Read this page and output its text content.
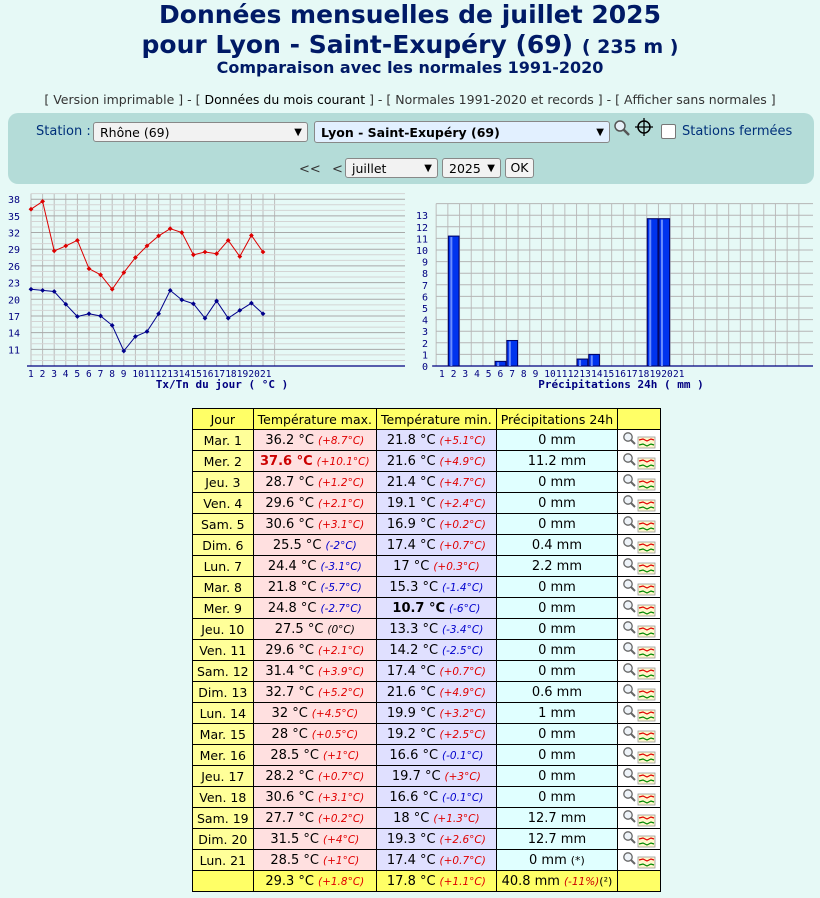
Données mensuelles de juillet 2025
pour Lyon - Saint-Exupéry (69) ( 235 m )
Comparaison avec les normales 1991-2020
[ Version imprimable ] - [ Données du mois courant ] - [ Normales 1991-2020 et records ] - [ Afficher sans normales ]
Station : Rhône (69)	▼	Lyon - Saint-Exupéry (69)	▼	Stations fermées
<< < juillet	▼	2025 ▼	OK
11
14
17
20
23
26
29
32
35
38
1 2 3 4 5 6 7 8 9 10 11 12 13 14 15 16 17 18 19 20 21
Tx/Tn du jour ( °C )
0
1
2
3
4
5
6
7
8
9
10
11
12
13
1 2 3 4 5 6 7 8 9 10 11 12 13 14 15 16 17 18 19 20 21
Précipitations 24h ( mm )
Jour	Température max.	Température min.	Précipitations 24h	
Mar. 1	36.2 °C (+8.7°C)	21.8 °C (+5.1°C)	0 mm	
Mer. 2	37.6 °C (+10.1°C)	21.6 °C (+4.9°C)	11.2 mm	
Jeu. 3	28.7 °C (+1.2°C)	21.4 °C (+4.7°C)	0 mm	
Ven. 4	29.6 °C (+2.1°C)	19.1 °C (+2.4°C)	0 mm	
Sam. 5	30.6 °C (+3.1°C)	16.9 °C (+0.2°C)	0 mm	
Dim. 6	25.5 °C (-2°C)	17.4 °C (+0.7°C)	0.4 mm	
Lun. 7	24.4 °C (-3.1°C)	17 °C (+0.3°C)	2.2 mm	
Mar. 8	21.8 °C (-5.7°C)	15.3 °C (-1.4°C)	0 mm	
Mer. 9	24.8 °C (-2.7°C)	10.7 °C (-6°C)	0 mm	
Jeu. 10	27.5 °C (0°C)	13.3 °C (-3.4°C)	0 mm	
Ven. 11	29.6 °C (+2.1°C)	14.2 °C (-2.5°C)	0 mm	
Sam. 12	31.4 °C (+3.9°C)	17.4 °C (+0.7°C)	0 mm	
Dim. 13	32.7 °C (+5.2°C)	21.6 °C (+4.9°C)	0.6 mm	
Lun. 14	32 °C (+4.5°C)	19.9 °C (+3.2°C)	1 mm	
Mar. 15	28 °C (+0.5°C)	19.2 °C (+2.5°C)	0 mm	
Mer. 16	28.5 °C (+1°C)	16.6 °C (-0.1°C)	0 mm	
Jeu. 17	28.2 °C (+0.7°C)	19.7 °C (+3°C)	0 mm	
Ven. 18	30.6 °C (+3.1°C)	16.6 °C (-0.1°C)	0 mm	
Sam. 19	27.7 °C (+0.2°C)	18 °C (+1.3°C)	12.7 mm	
Dim. 20	31.5 °C (+4°C)	19.3 °C (+2.6°C)	12.7 mm	
Lun. 21	28.5 °C (+1°C)	17.4 °C (+0.7°C)	0 mm (*)	
	29.3 °C (+1.8°C)	17.8 °C (+1.1°C)	40.8 mm (-11%)(²)	
